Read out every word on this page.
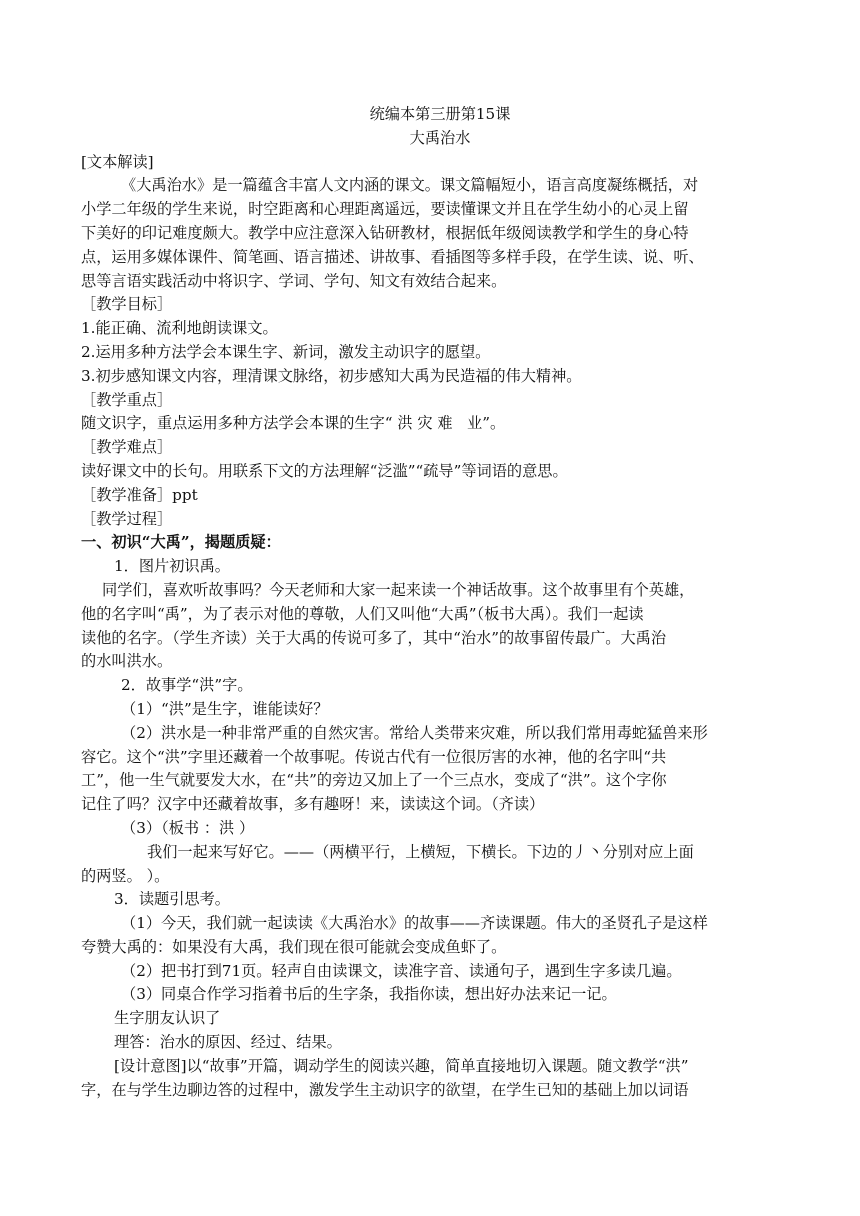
统编本第三册第15课
大禹治水
[文本解读]
《大禹治水》是一篇蕴含丰富人文内涵的课文。课文篇幅短小，语言高度凝练概括，对
小学二年级的学生来说，时空距离和心理距离遥远，要读懂课文并且在学生幼小的心灵上留
下美好的印记难度颇大。教学中应注意深入钻研教材，根据低年级阅读教学和学生的身心特
点，运用多媒体课件、简笔画、语言描述、讲故事、看插图等多样手段，在学生读、说、听、
思等言语实践活动中将识字、学词、学句、知文有效结合起来。
［教学目标］
1.能正确、流利地朗读课文。
2.运用多种方法学会本课生字、新词，激发主动识字的愿望。
3.初步感知课文内容，理清课文脉络，初步感知大禹为民造福的伟大精神。
［教学重点］
随文识字，重点运用多种方法学会本课的生字“ 洪 灾 难   业”。
［教学难点］
读好课文中的长句。用联系下文的方法理解“泛滥”“疏导”等词语的意思。
［教学准备］ppt
［教学过程］
一、初识“大禹”，揭题质疑：
1．图片初识禹。
同学们，喜欢听故事吗？今天老师和大家一起来读一个神话故事。这个故事里有个英雄，
他的名字叫“禹”，为了表示对他的尊敬，人们又叫他“大禹”（板书大禹）。我们一起读
读他的名字。（学生齐读）关于大禹的传说可多了，其中“治水”的故事留传最广。大禹治
的水叫洪水。
2．故事学“洪”字。
（1）“洪”是生字，谁能读好？
（2）洪水是一种非常严重的自然灾害。常给人类带来灾难，所以我们常用毒蛇猛兽来形
容它。这个“洪”字里还藏着一个故事呢。传说古代有一位很厉害的水神，他的名字叫“共
工”，他一生气就要发大水，在“共”的旁边又加上了一个三点水，变成了“洪”。这个字你
记住了吗？汉字中还藏着故事，多有趣呀！来，读读这个词。（齐读）
（3）（板书 ：洪 ）
我们一起来写好它。——（两横平行，上横短，下横长。下边的丿丶分别对应上面
的两竖。 ）。
3．读题引思考。
（1）今天，我们就一起读读《大禹治水》的故事——齐读课题。伟大的圣贤孔子是这样
夸赞大禹的：如果没有大禹，我们现在很可能就会变成鱼虾了。
（2）把书打到71页。轻声自由读课文，读准字音、读通句子，遇到生字多读几遍。
（3）同桌合作学习指着书后的生字条，我指你读，想出好办法来记一记。
生字朋友认识了
理答：治水的原因、经过、结果。
[设计意图]以“故事”开篇，调动学生的阅读兴趣，简单直接地切入课题。随文教学“洪”
字，在与学生边聊边答的过程中，激发学生主动识字的欲望，在学生已知的基础上加以词语
